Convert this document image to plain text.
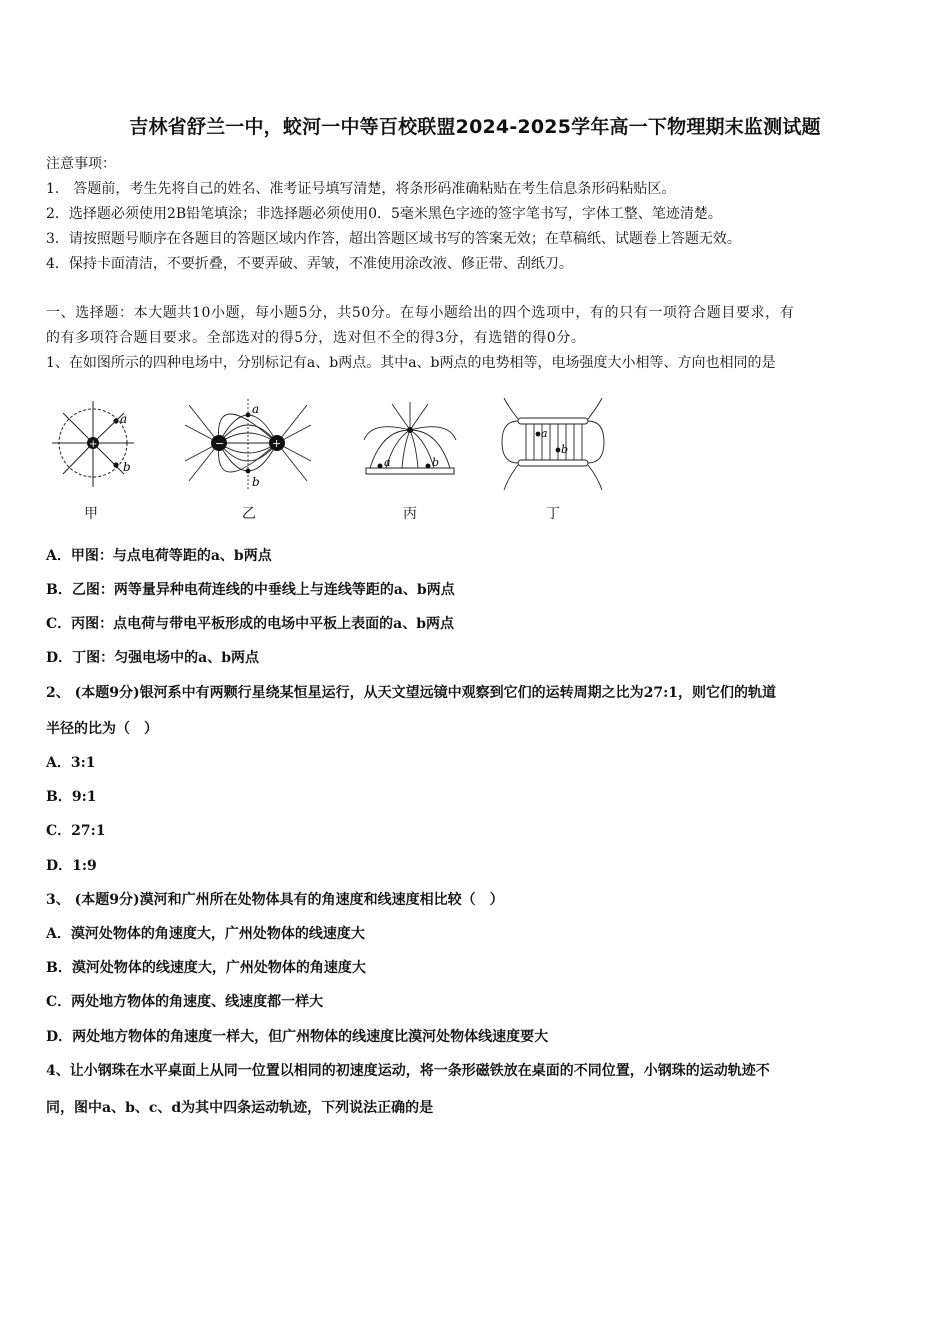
吉林省舒兰一中，蛟河一中等百校联盟2024-2025学年高一下物理期末监测试题
注意事项：
1.　答题前，考生先将自己的姓名、准考证号填写清楚，将条形码准确粘贴在考生信息条形码粘贴区。
2．选择题必须使用2B铅笔填涂；非选择题必须使用0．5毫米黑色字迹的签字笔书写，字体工整、笔迹清楚。
3．请按照题号顺序在各题目的答题区域内作答，超出答题区域书写的答案无效；在草稿纸、试题卷上答题无效。
4．保持卡面清洁，不要折叠，不要弄破、弄皱，不准使用涂改液、修正带、刮纸刀。
一、选择题：本大题共10小题，每小题5分，共50分。在每小题给出的四个选项中，有的只有一项符合题目要求，有
的有多项符合题目要求。全部选对的得5分，选对但不全的得3分，有选错的得0分。
1、在如图所示的四种电场中，分别标记有a、b两点。其中a、b两点的电势相等，电场强度大小相等、方向也相同的是
+
a
b
−	+
a
b
a	b
a
b
甲	乙	丙	丁
A．甲图：与点电荷等距的a、b两点
B．乙图：两等量异种电荷连线的中垂线上与连线等距的a、b两点
C．丙图：点电荷与带电平板形成的电场中平板上表面的a、b两点
D．丁图：匀强电场中的a、b两点
2、 (本题9分)银河系中有两颗行星绕某恒星运行，从天文望远镜中观察到它们的运转周期之比为27:1，则它们的轨道
半径的比为（　）
A．3:1
B．9:1
C．27:1
D．1:9
3、 (本题9分)漠河和广州所在处物体具有的角速度和线速度相比较（　）
A．漠河处物体的角速度大，广州处物体的线速度大
B．漠河处物体的线速度大，广州处物体的角速度大
C．两处地方物体的角速度、线速度都一样大
D．两处地方物体的角速度一样大，但广州物体的线速度比漠河处物体线速度要大
4、让小钢珠在水平桌面上从同一位置以相同的初速度运动，将一条形磁铁放在桌面的不同位置，小钢珠的运动轨迹不
同，图中a、b、c、d为其中四条运动轨迹，下列说法正确的是
